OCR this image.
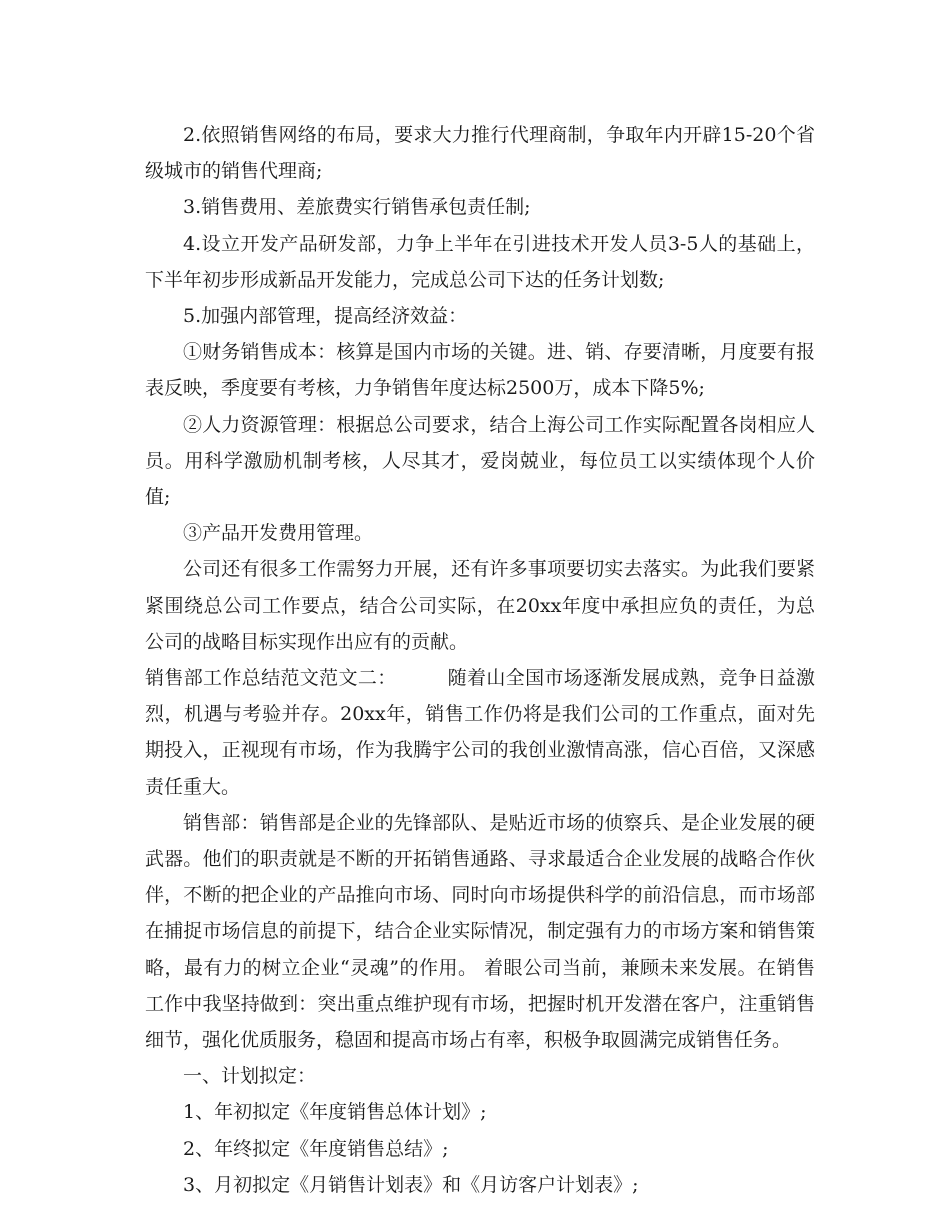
2.依照销售网络的布局，要求大力推行代理商制，争取年内开辟15-20个省级城市的销售代理商;

3.销售费用、差旅费实行销售承包责任制;

4.设立开发产品研发部，力争上半年在引进技术开发人员3-5人的基础上，下半年初步形成新品开发能力，完成总公司下达的任务计划数;

5.加强内部管理，提高经济效益：

①财务销售成本：核算是国内市场的关键。进、销、存要清晰，月度要有报表反映，季度要有考核，力争销售年度达标2500万，成本下降5%;

②人力资源管理：根据总公司要求，结合上海公司工作实际配置各岗相应人员。用科学激励机制考核，人尽其才，爱岗兢业，每位员工以实绩体现个人价值;

③产品开发费用管理。

公司还有很多工作需努力开展，还有许多事项要切实去落实。为此我们要紧紧围绕总公司工作要点，结合公司实际，在20xx年度中承担应负的责任，为总公司的战略目标实现作出应有的贡献。

销售部工作总结范文范文二：        随着山全国市场逐渐发展成熟，竞争日益激烈，机遇与考验并存。20xx年，销售工作仍将是我们公司的工作重点，面对先期投入，正视现有市场，作为我腾宇公司的我创业激情高涨，信心百倍，又深感责任重大。

销售部：销售部是企业的先锋部队、是贴近市场的侦察兵、是企业发展的硬武器。他们的职责就是不断的开拓销售通路、寻求最适合企业发展的战略合作伙伴，不断的把企业的产品推向市场、同时向市场提供科学的前沿信息，而市场部在捕捉市场信息的前提下，结合企业实际情况，制定强有力的市场方案和销售策略，最有力的树立企业“灵魂”的作用。 着眼公司当前，兼顾未来发展。在销售工作中我坚持做到：突出重点维护现有市场，把握时机开发潜在客户，注重销售细节，强化优质服务，稳固和提高市场占有率，积极争取圆满完成销售任务。

一、计划拟定：

1、年初拟定《年度销售总体计划》;

2、年终拟定《年度销售总结》;

3、月初拟定《月销售计划表》和《月访客户计划表》;
